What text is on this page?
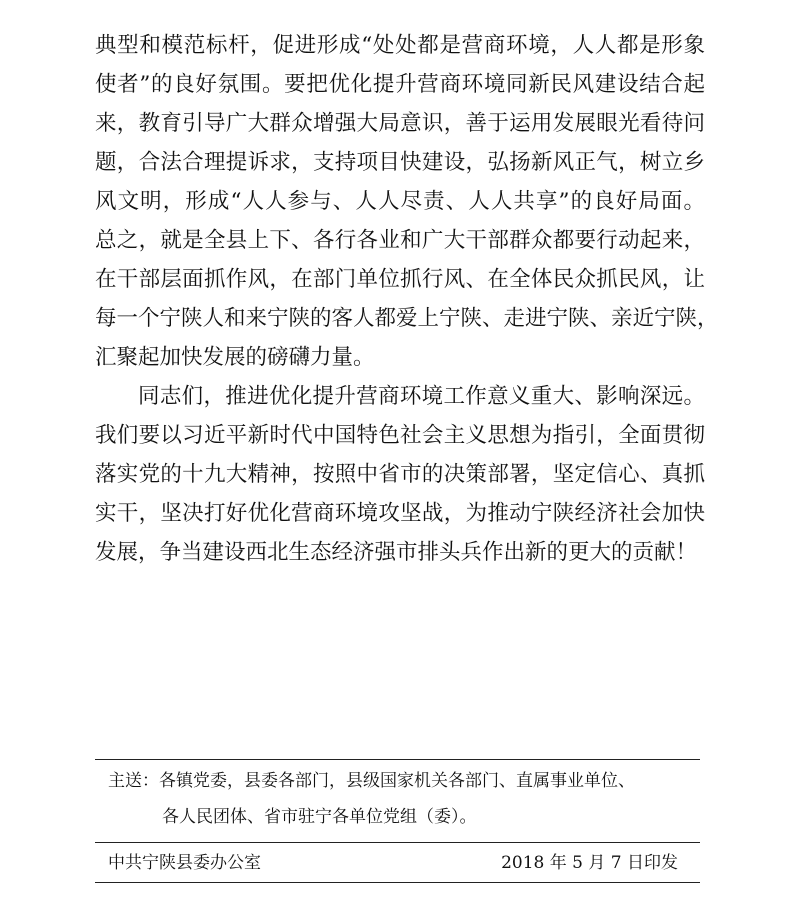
典型和模范标杆，促进形成“处处都是营商环境，人人都是形象
使者”的良好氛围。要把优化提升营商环境同新民风建设结合起
来，教育引导广大群众增强大局意识，善于运用发展眼光看待问
题，合法合理提诉求，支持项目快建设，弘扬新风正气，树立乡
风文明，形成“人人参与、人人尽责、人人共享”的良好局面。
总之，就是全县上下、各行各业和广大干部群众都要行动起来，
在干部层面抓作风，在部门单位抓行风、在全体民众抓民风，让
每一个宁陕人和来宁陕的客人都爱上宁陕、走进宁陕、亲近宁陕，
汇聚起加快发展的磅礴力量。
同志们，推进优化提升营商环境工作意义重大、影响深远。
我们要以习近平新时代中国特色社会主义思想为指引，全面贯彻
落实党的十九大精神，按照中省市的决策部署，坚定信心、真抓
实干，坚决打好优化营商环境攻坚战，为推动宁陕经济社会加快
发展，争当建设西北生态经济强市排头兵作出新的更大的贡献！
主送：各镇党委，县委各部门，县级国家机关各部门、直属事业单位、
各人民团体、省市驻宁各单位党组（委）。
中共宁陕县委办公室	2018 年 5 月 7 日印发
